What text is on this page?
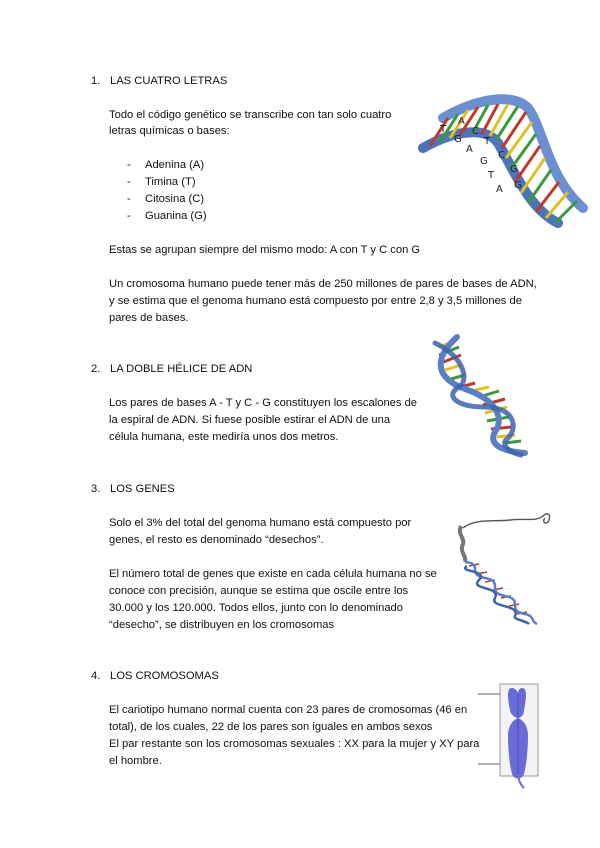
1. LAS CUATRO LETRAS
Todo el código genético se transcribe con tan solo cuatro
letras químicas o bases:
- Adenina (A)
- Timina (T)
- Citosina (C)
- Guanina (G)
Estas se agrupan siempre del mismo modo: A con T y C con G
Un cromosoma humano puede tener más de 250 millones de pares de bases de ADN,
y se estima que el genoma humano está compuesto por entre 2,8 y 3,5 millones de
pares de bases.
T
A
G
C
A
T
G
C
T
G
A G
2. LA DOBLE HÉLICE DE ADN
Los pares de bases A - T y C - G constituyen los escalones de
la espiral de ADN. Si fuese posible estirar el ADN de una
célula humana, este mediría unos dos metros.
3. LOS GENES
Solo el 3% del total del genoma humano está compuesto por
genes, el resto es denominado “desechos”.
El número total de genes que existe en cada célula humana no se
conoce con precisión, aunque se estima que oscile entre los
30.000 y los 120.000. Todos ellos, junto con lo denominado
“desecho”, se distribuyen en los cromosomas
4. LOS CROMOSOMAS
El cariotipo humano normal cuenta con 23 pares de cromosomas (46 en
total), de los cuales, 22 de los pares son iguales en ambos sexos
El par restante son los cromosomas sexuales : XX para la mujer y XY para
el hombre.
